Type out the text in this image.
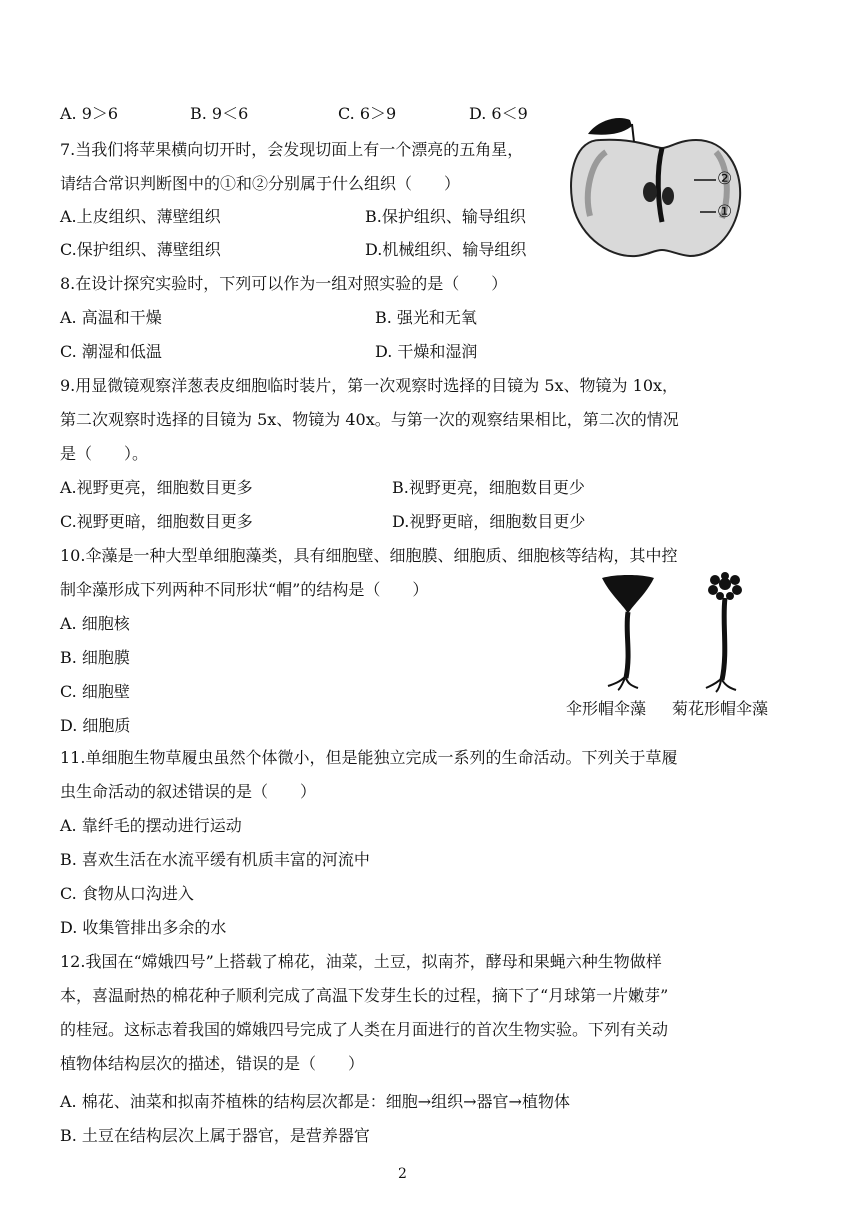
A. 9＞6	B. 9＜6	C. 6＞9	D. 6＜9
7.当我们将苹果横向切开时，会发现切面上有一个漂亮的五角星，
请结合常识判断图中的①和②分别属于什么组织（　　）
A.上皮组织、薄壁组织	B.保护组织、输导组织
C.保护组织、薄壁组织	D.机械组织、输导组织
②
①
8.在设计探究实验时，下列可以作为一组对照实验的是（　　）
A. 高温和干燥	B. 强光和无氧
C. 潮湿和低温	D. 干燥和湿润
9.用显微镜观察洋葱表皮细胞临时装片，第一次观察时选择的目镜为 5x、物镜为 10x，
第二次观察时选择的目镜为 5x、物镜为 40x。与第一次的观察结果相比，第二次的情况
是（　　）。
A.视野更亮，细胞数目更多	B.视野更亮，细胞数目更少
C.视野更暗，细胞数目更多	D.视野更暗，细胞数目更少
10.伞藻是一种大型单细胞藻类，具有细胞壁、细胞膜、细胞质、细胞核等结构，其中控
制伞藻形成下列两种不同形状“帽”的结构是（　　）
A. 细胞核
B. 细胞膜
C. 细胞壁
D. 细胞质
伞形帽伞藻 菊花形帽伞藻
11.单细胞生物草履虫虽然个体微小，但是能独立完成一系列的生命活动。下列关于草履
虫生命活动的叙述错误的是（　　）
A. 靠纤毛的摆动进行运动
B. 喜欢生活在水流平缓有机质丰富的河流中
C. 食物从口沟进入
D. 收集管排出多余的水
12.我国在“嫦娥四号”上搭载了棉花，油菜，土豆，拟南芥，酵母和果蝇六种生物做样
本，喜温耐热的棉花种子顺利完成了高温下发芽生长的过程，摘下了“月球第一片嫩芽”
的桂冠。这标志着我国的嫦娥四号完成了人类在月面进行的首次生物实验。下列有关动
植物体结构层次的描述，错误的是（　　）
A. 棉花、油菜和拟南芥植株的结构层次都是：细胞→组织→器官→植物体
B. 土豆在结构层次上属于器官，是营养器官
2
